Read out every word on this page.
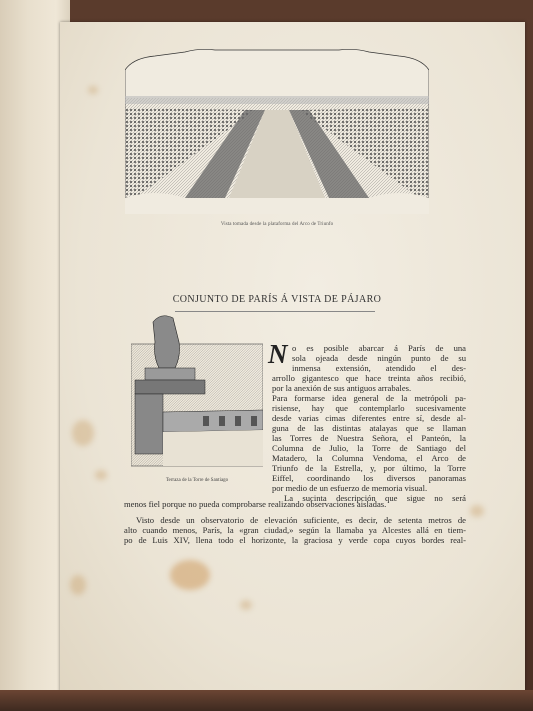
Vista tomada desde la plataforma del Arco de Triunfo
CONJUNTO DE PARÍS Á VISTA DE PÁJARO
Terraza de la Torre de Santiago
N o es posible abarcar á París de una
sola ojeada desde ningún punto de su
inmensa extensión, atendido el des-
arrollo gigantesco que hace treinta años recibió,
por la anexión de sus antiguos arrabales.
Para formarse idea general de la metrópoli pa-
risiense, hay que contemplarlo sucesivamente
desde varias cimas diferentes entre sí, desde al-
guna de las distintas atalayas que se llaman
las Torres de Nuestra Señora, el Panteón, la
Columna de Julio, la Torre de Santiago del
Matadero, la Columna Vendoma, el Arco de
Triunfo de la Estrella, y, por último, la Torre
Eiffel, coordinando los diversos panoramas
por medio de un esfuerzo de memoria visual.
La sucinta descripción que sigue no será
menos fiel porque no pueda comprobarse realizando observaciones aisladas.
Visto desde un observatorio de elevación suficiente, es decir, de setenta metros de
alto cuando menos, París, la «gran ciudad,» según la llamaba ya Alcestes allá en tiem-
po de Luis XIV, llena todo el horizonte, la graciosa y verde copa cuyos bordes real-
